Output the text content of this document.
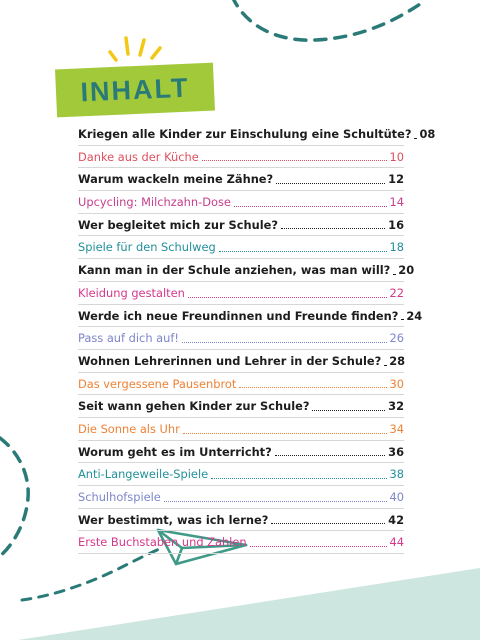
INHALT
Kriegen alle Kinder zur Einschulung eine Schultüte? 08
Danke aus der Küche	10
Warum wackeln meine Zähne?	12
Upcycling: Milchzahn-Dose	14
Wer begleitet mich zur Schule?	16
Spiele für den Schulweg	18
Kann man in der Schule anziehen, was man will? 20
Kleidung gestalten	22
Werde ich neue Freundinnen und Freunde finden? 24
Pass auf dich auf!	26
Wohnen Lehrerinnen und Lehrer in der Schule? 28
Das vergessene Pausenbrot	30
Seit wann gehen Kinder zur Schule?	32
Die Sonne als Uhr	34
Worum geht es im Unterricht?	36
Anti-Langeweile-Spiele	38
Schulhofspiele	40
Wer bestimmt, was ich lerne?	42
Erste Buchstaben und Zahlen	44
